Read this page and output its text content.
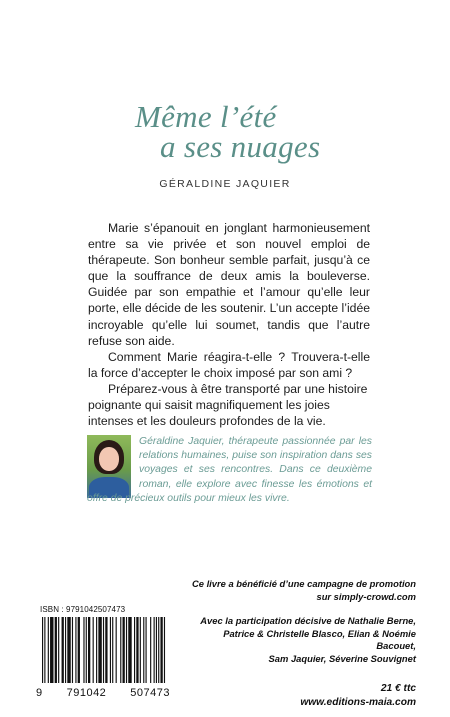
Même l’été
a ses nuages
GÉRALDINE JAQUIER

Marie s’épanouit en jonglant harmonieusement entre sa vie privée et son nouvel emploi de thérapeute. Son bonheur semble parfait, jusqu’à ce que la souffrance de deux amis la bouleverse. Guidée par son empathie et l’amour qu’elle leur porte, elle décide de les soutenir. L’un accepte l’idée incroyable qu’elle lui soumet, tandis que l’autre refuse son aide.

Comment Marie réagira-t-elle ? Trouvera-t-elle la force d’accepter le choix imposé par son ami ?

Préparez-vous à être transporté par une histoire poignante qui saisit magnifiquement les joies intenses et les douleurs profondes de la vie.

Géraldine Jaquier, thérapeute passionnée par les relations humaines, puise son inspiration dans ses voyages et ses rencontres. Dans ce deuxième roman, elle explore avec finesse les émotions et offre de précieux outils pour mieux les vivre.
Ce livre a bénéficié d’une campagne de promotion
sur simply-crowd.com
Avec la participation décisive de Nathalie Berne,
Patrice & Christelle Blasco, Elian & Noémie Bacouet,
Sam Jaquier, Séverine Souvignet
21 € ttc
www.editions-maia.com
ISBN : 9791042507473
9 791042 507473
